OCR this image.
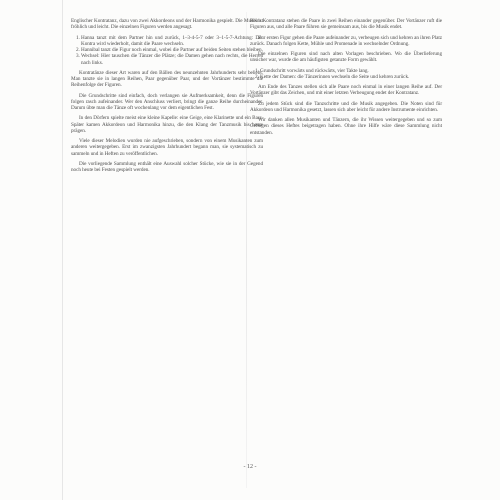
Englischer Kontratanz, dazu von zwei Akkordeons und der Harmonika gespielt. Die Musik ist fröhlich und leicht. Die einzelnen Figuren werden angesagt.

1. Hanna tanzt mit dem Partner hin und zurück, 1–3-4-5-7 oder 3–1-5-7-Achtung: Der Kontra wird wiederholt, damit die Paare wechseln.
2. Hannibal tanzt die Figur noch einmal, wobei die Partner auf beiden Seiten stehen bleiben.
3. Wechsel: Hier tauschen die Tänzer die Plätze; die Damen gehen nach rechts, die Herren nach links.

Kontratänze dieser Art waren auf den Bällen des neunzehnten Jahrhunderts sehr beliebt. Man tanzte sie in langen Reihen, Paar gegenüber Paar, und der Vortänzer bestimmte die Reihenfolge der Figuren.

Die Grundschritte sind einfach, doch verlangen sie Aufmerksamkeit, denn die Figuren folgen rasch aufeinander. Wer den Anschluss verliert, bringt die ganze Reihe durcheinander. Darum übte man die Tänze oft wochenlang vor dem eigentlichen Fest.

In den Dörfern spielte meist eine kleine Kapelle: eine Geige, eine Klarinette und ein Bass. Später kamen Akkordeon und Harmonika hinzu, die den Klang der Tanzmusik bis heute prägen.

Viele dieser Melodien wurden nie aufgeschrieben, sondern von einem Musikanten zum anderen weitergegeben. Erst im zwanzigsten Jahrhundert begann man, sie systematisch zu sammeln und in Heften zu veröffentlichen.

Die vorliegende Sammlung enthält eine Auswahl solcher Stücke, wie sie in der Gegend noch heute bei Festen gespielt werden.

Beim Kontratanz stehen die Paare in zwei Reihen einander gegenüber. Der Vortänzer ruft die Figuren aus, und alle Paare führen sie gemeinsam aus, bis die Musik endet.

Zur ersten Figur gehen die Paare aufeinander zu, verbeugen sich und kehren an ihren Platz zurück. Danach folgen Kette, Mühle und Promenade in wechselnder Ordnung.

Die einzelnen Figuren sind nach alten Vorlagen beschrieben. Wo die Überlieferung unsicher war, wurde die am häufigsten getanzte Form gewählt.

1. Grundschritt vorwärts und rückwärts, vier Takte lang.
2. Kette der Damen: die Tänzerinnen wechseln die Seite und kehren zurück.

Am Ende des Tanzes stellen sich alle Paare noch einmal in einer langen Reihe auf. Der Vortänzer gibt das Zeichen, und mit einer letzten Verbeugung endet der Kontratanz.

Zu jedem Stück sind die Tanzschritte und die Musik angegeben. Die Noten sind für Akkordeon und Harmonika gesetzt, lassen sich aber leicht für andere Instrumente einrichten.

Wir danken allen Musikanten und Tänzern, die ihr Wissen weitergegeben und so zum Gelingen dieses Heftes beigetragen haben. Ohne ihre Hilfe wäre diese Sammlung nicht entstanden.

- 12 -
